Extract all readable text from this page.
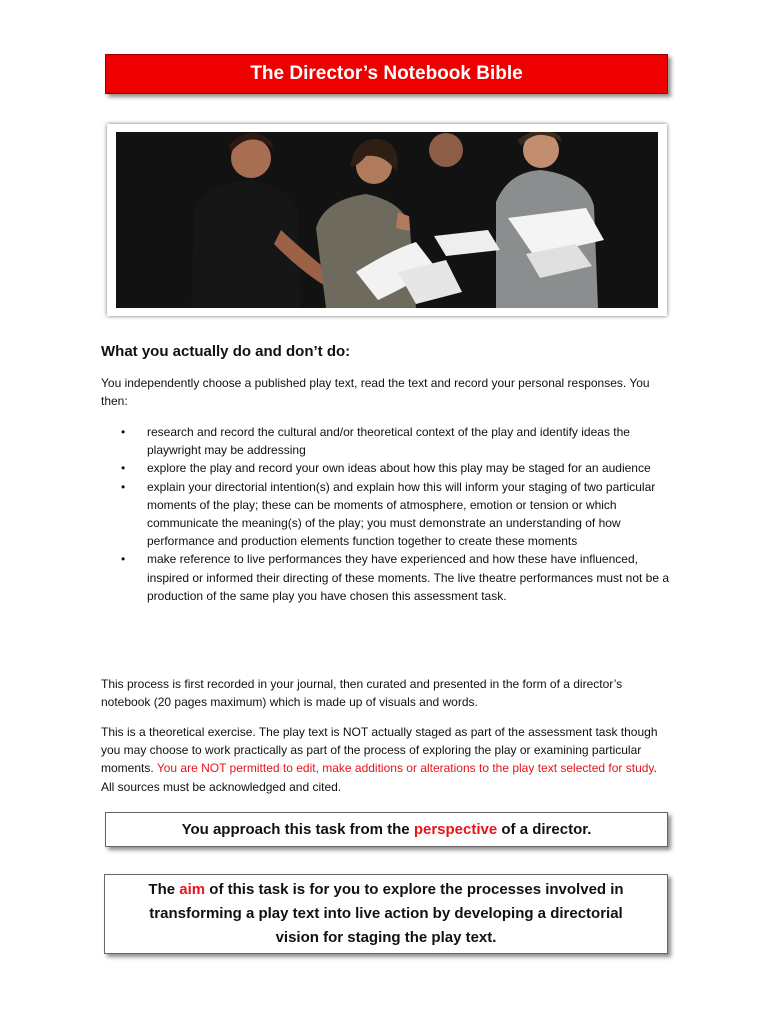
The Director’s Notebook Bible
What you actually do and don’t do:
You independently choose a published play text, read the text and record your personal responses. You then:
• research and record the cultural and/or theoretical context of the play and identify ideas the playwright may be addressing
• explore the play and record your own ideas about how this play may be staged for an audience
• explain your directorial intention(s) and explain how this will inform your staging of two particular moments of the play; these can be moments of atmosphere, emotion or tension or which communicate the meaning(s) of the play; you must demonstrate an understanding of how performance and production elements function together to create these moments
• make reference to live performances they have experienced and how these have influenced, inspired or informed their directing of these moments. The live theatre performances must not be a production of the same play you have chosen this assessment task.
This process is first recorded in your journal, then curated and presented in the form of a director’s notebook (20 pages maximum) which is made up of visuals and words.
This is a theoretical exercise. The play text is NOT actually staged as part of the assessment task though you may choose to work practically as part of the process of exploring the play or examining particular moments. You are NOT permitted to edit, make additions or alterations to the play text selected for study. All sources must be acknowledged and cited.
You approach this task from the perspective of a director.

The aim of this task is for you to explore the processes involved in transforming a play text into live action by developing a directorial vision for staging the play text.
